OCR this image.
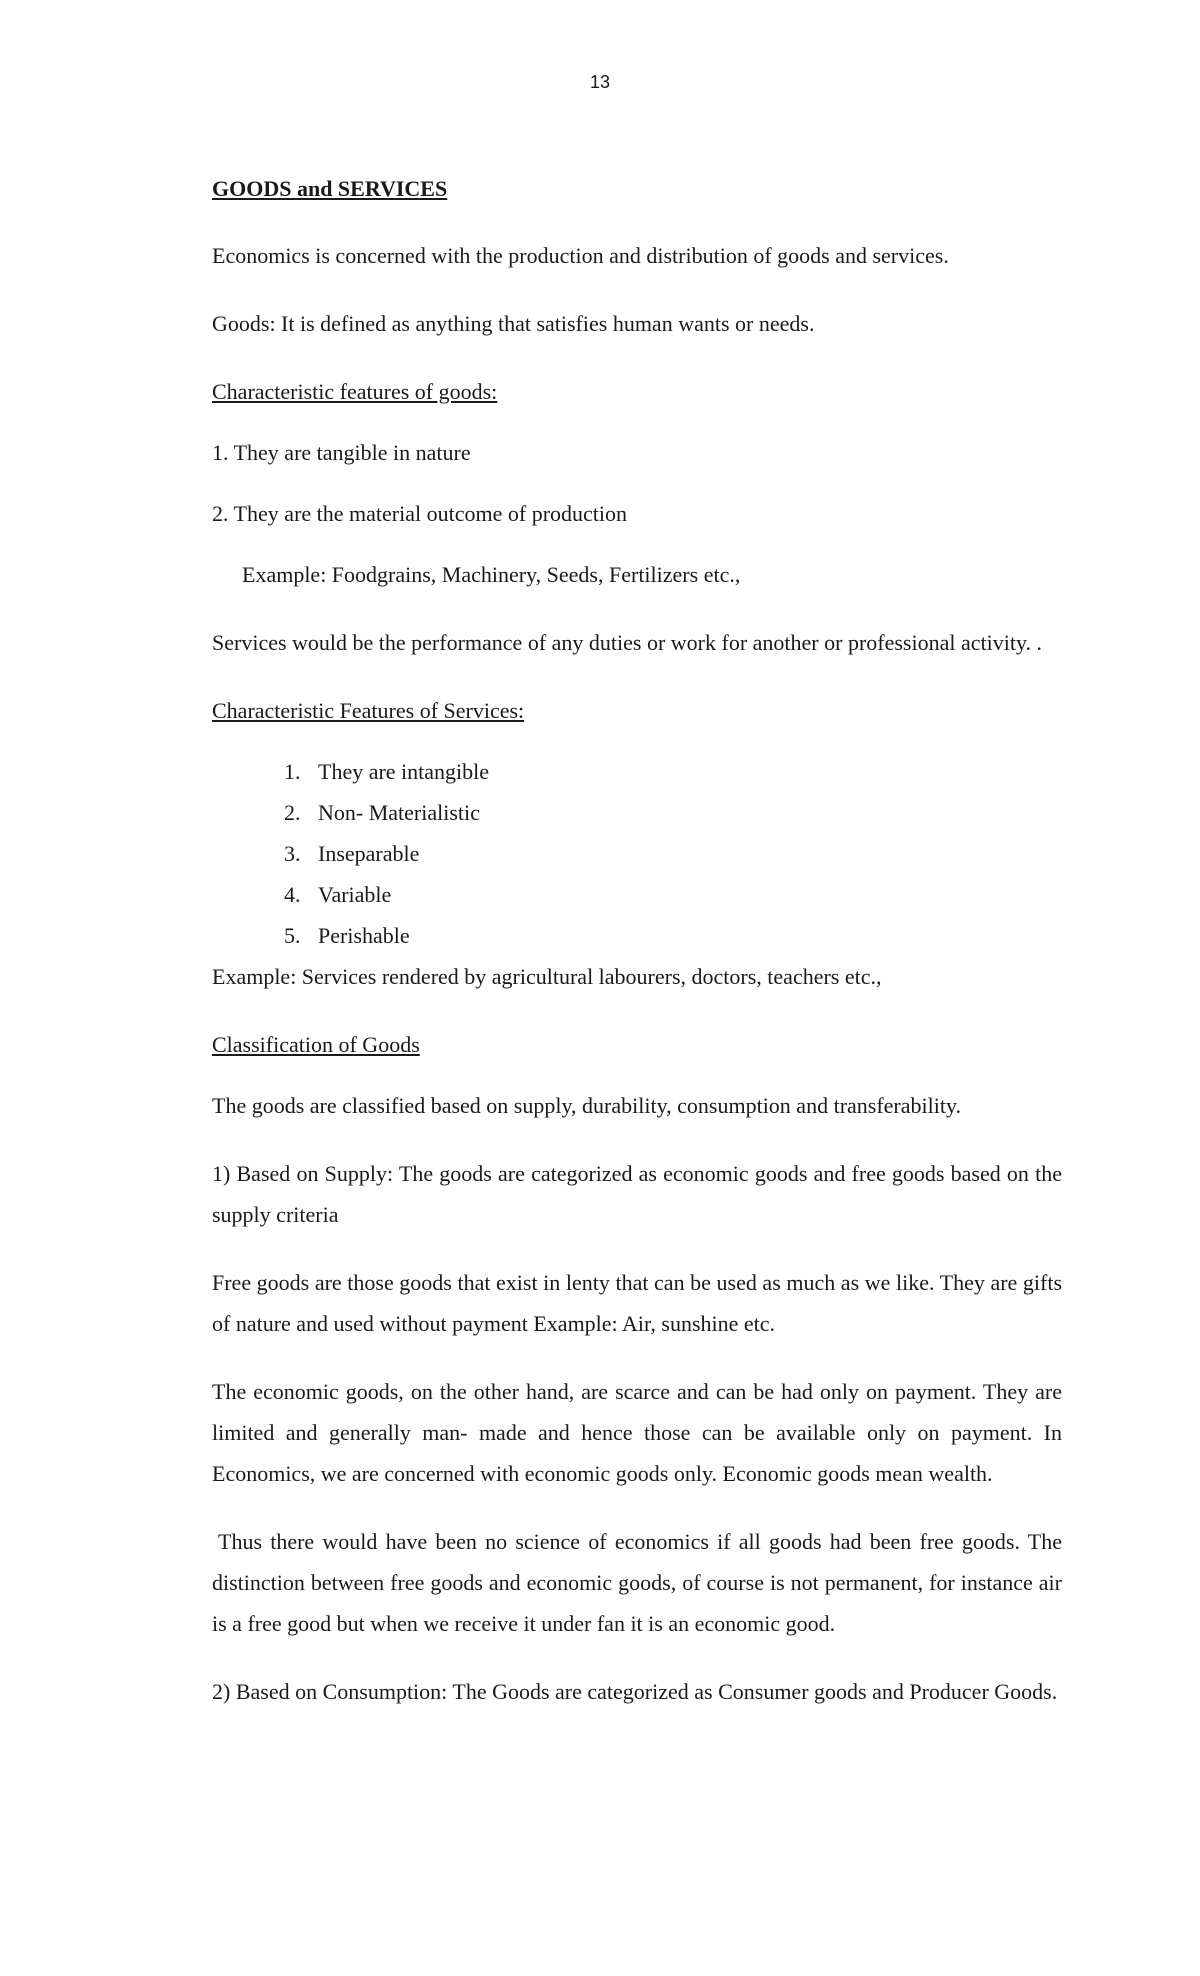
13

GOODS and SERVICES

Economics is concerned with the production and distribution of goods and services.

Goods: It is defined as anything that satisfies human wants or needs.

Characteristic features of goods:

1. They are tangible in nature

2. They are the material outcome of production

Example: Foodgrains, Machinery, Seeds, Fertilizers etc.,

Services would be the performance of any duties or work for another or professional activity. .

Characteristic Features of Services:

1. They are intangible
2. Non- Materialistic
3. Inseparable
4. Variable
5. Perishable

Example: Services rendered by agricultural labourers, doctors, teachers etc.,

Classification of Goods

The goods are classified based on supply, durability, consumption and transferability.

1) Based on Supply: The goods are categorized as economic goods and free goods based on the supply criteria

Free goods are those goods that exist in lenty that can be used as much as we like. They are gifts of nature and used without payment Example: Air, sunshine etc.

The economic goods, on the other hand, are scarce and can be had only on payment. They are limited and generally man- made and hence those can be available only on payment. In Economics, we are concerned with economic goods only. Economic goods mean wealth.

Thus there would have been no science of economics if all goods had been free goods. The distinction between free goods and economic goods, of course is not permanent, for instance air is a free good but when we receive it under fan it is an economic good.

2) Based on Consumption: The Goods are categorized as Consumer goods and Producer Goods.
